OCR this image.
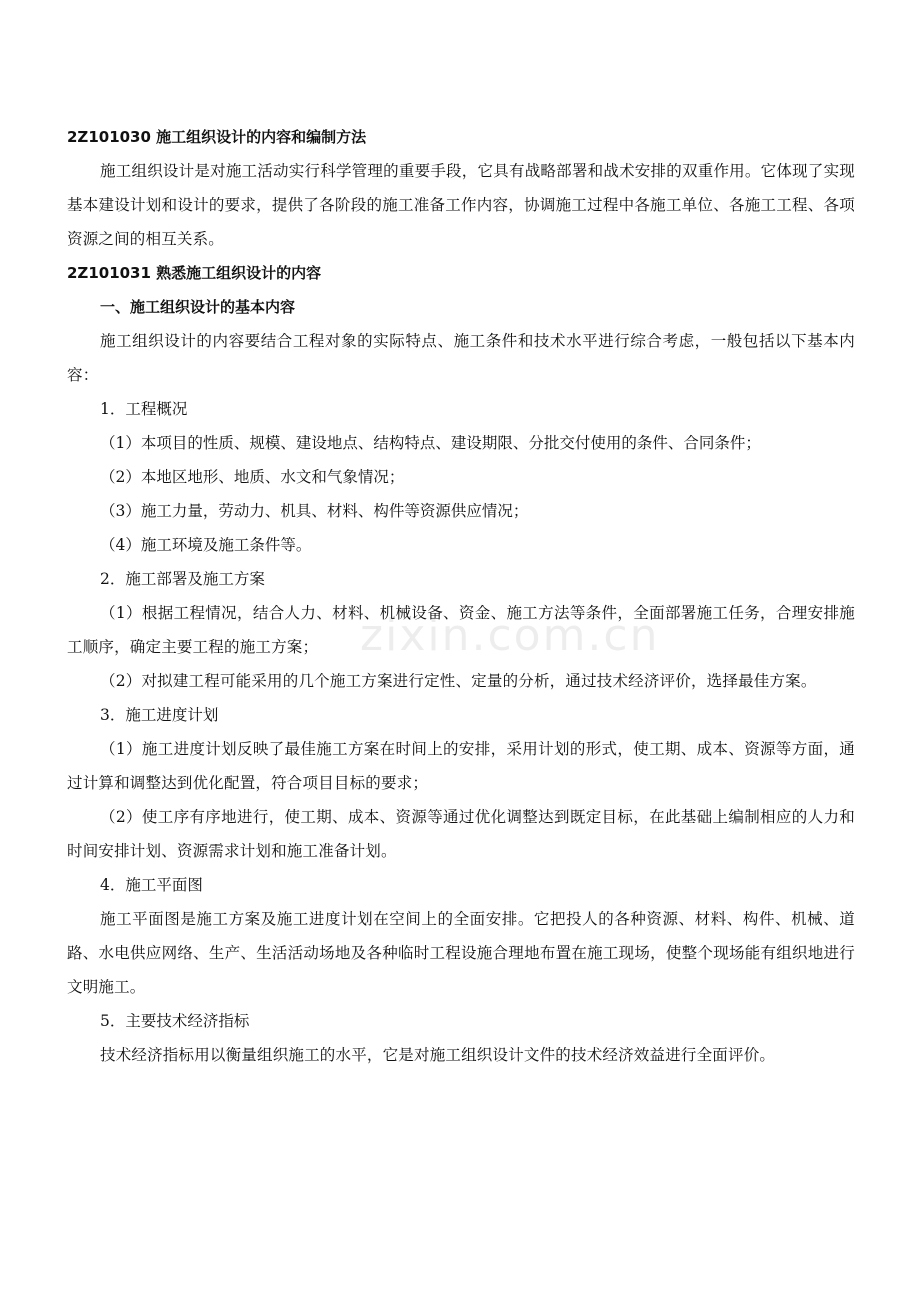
2Z101030 施工组织设计的内容和编制方法

施工组织设计是对施工活动实行科学管理的重要手段，它具有战略部署和战术安排的双重作用。它体现了实现基本建设计划和设计的要求，提供了各阶段的施工准备工作内容，协调施工过程中各施工单位、各施工工程、各项资源之间的相互关系。

2Z101031 熟悉施工组织设计的内容

一、施工组织设计的基本内容

施工组织设计的内容要结合工程对象的实际特点、施工条件和技术水平进行综合考虑，一般包括以下基本内容：

1．工程概况

（1）本项目的性质、规模、建设地点、结构特点、建设期限、分批交付使用的条件、合同条件；

（2）本地区地形、地质、水文和气象情况；

（3）施工力量，劳动力、机具、材料、构件等资源供应情况；

（4）施工环境及施工条件等。

2．施工部署及施工方案

（1）根据工程情况，结合人力、材料、机械设备、资金、施工方法等条件，全面部署施工任务，合理安排施工顺序，确定主要工程的施工方案；

（2）对拟建工程可能采用的几个施工方案进行定性、定量的分析，通过技术经济评价，选择最佳方案。

3．施工进度计划

（1）施工进度计划反映了最佳施工方案在时间上的安排，采用计划的形式，使工期、成本、资源等方面，通过计算和调整达到优化配置，符合项目目标的要求；

（2）使工序有序地进行，使工期、成本、资源等通过优化调整达到既定目标，在此基础上编制相应的人力和时间安排计划、资源需求计划和施工准备计划。

4．施工平面图

施工平面图是施工方案及施工进度计划在空间上的全面安排。它把投人的各种资源、材料、构件、机械、道路、水电供应网络、生产、生活活动场地及各种临时工程设施合理地布置在施工现场，使整个现场能有组织地进行文明施工。

5．主要技术经济指标

技术经济指标用以衡量组织施工的水平，它是对施工组织设计文件的技术经济效益进行全面评价。

zixin.com.cn
